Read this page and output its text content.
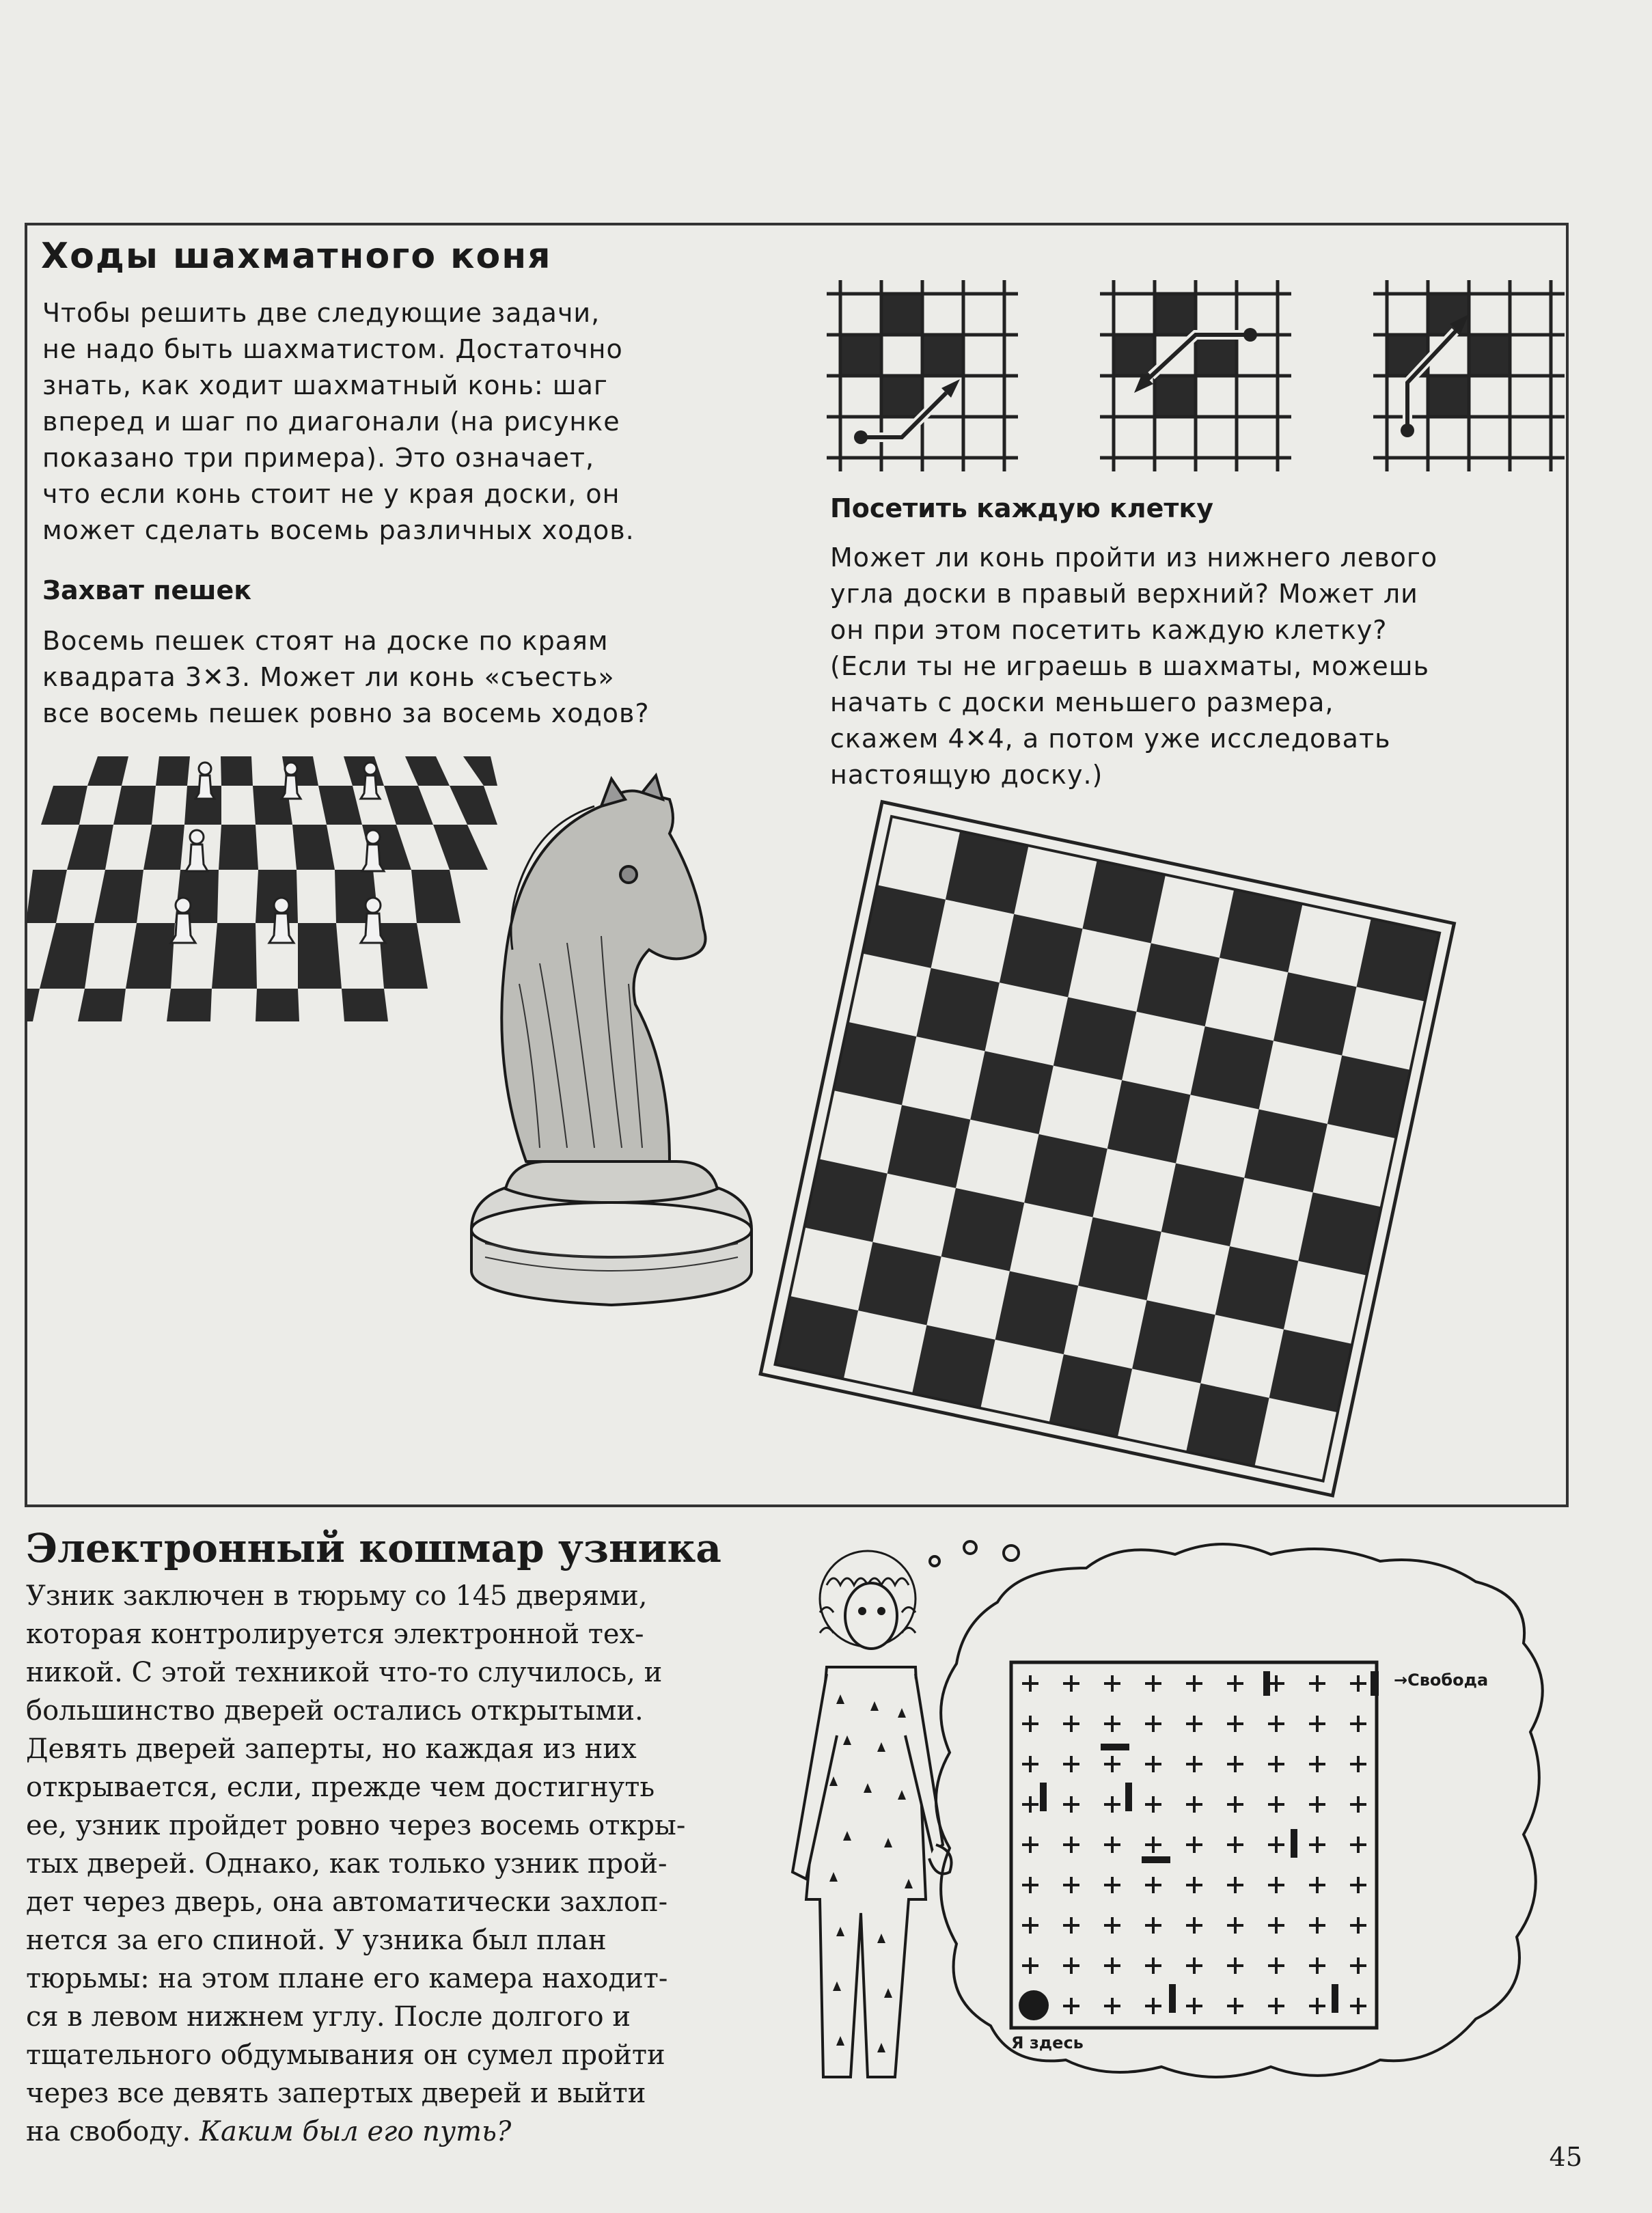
Ходы шахматного коня
Чтобы решить две следующие задачи,
не надо быть шахматистом. Достаточно
знать, как ходит шахматный конь: шаг
вперед и шаг по диагонали (на рисунке
показано три примера). Это означает,
что если конь стоит не у края доски, он
может сделать восемь различных ходов.
Захват пешек
Восемь пешек стоят на доске по краям
квадрата 3✕3. Может ли конь «съесть»
все восемь пешек ровно за восемь ходов?
Посетить каждую клетку
Может ли конь пройти из нижнего левого
угла доски в правый верхний? Может ли
он при этом посетить каждую клетку?
(Если ты не играешь в шахматы, можешь
начать с доски меньшего размера,
скажем 4✕4, а потом уже исследовать
настоящую доску.)
Электронный кошмар узника
Узник заключен в тюрьму со 145 дверями,
которая контролируется электронной тех-
никой. С этой техникой что-то случилось, и
большинство дверей остались открытыми.
Девять дверей заперты, но каждая из них
открывается, если, прежде чем достигнуть
ее, узник пройдет ровно через восемь откры-
тых дверей. Однако, как только узник прой-
дет через дверь, она автоматически захлоп-
нется за его спиной. У узника был план
тюрьмы: на этом плане его камера находит-
ся в левом нижнем углу. После долгого и
тщательного обдумывания он сумел пройти
через все девять запертых дверей и выйти
на свободу. Каким был его путь?
→Свобода
Я здесь
45
